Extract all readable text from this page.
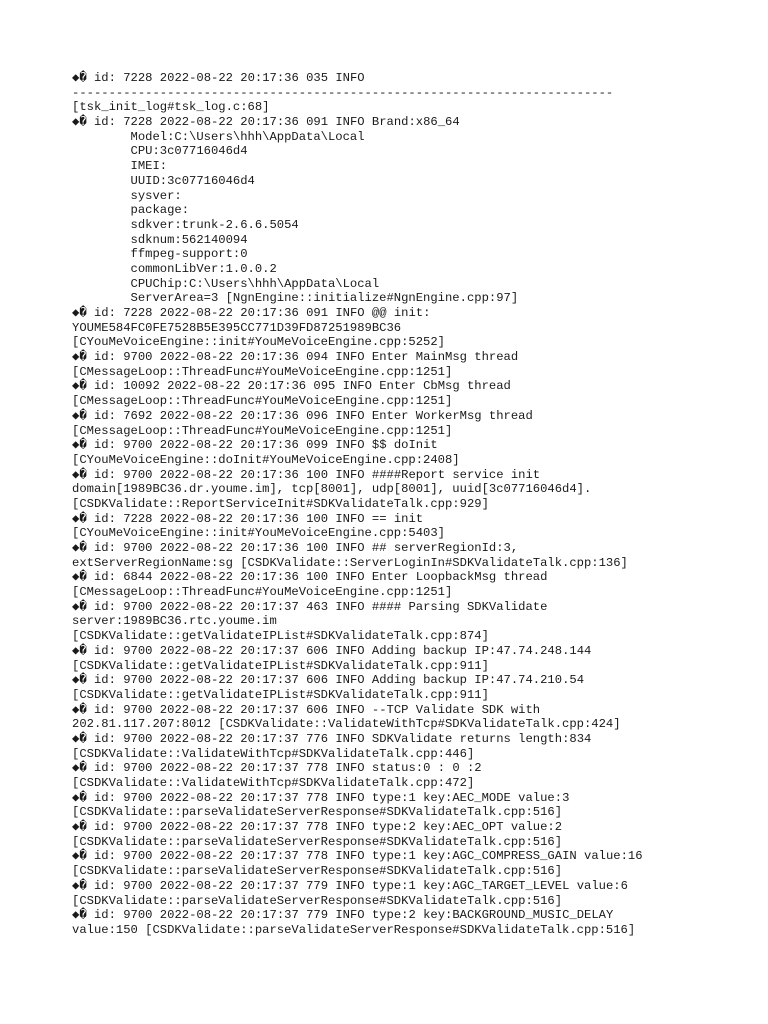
◆� id: 7228 2022-08-22 20:17:36 035 INFO
--------------------------------------------------------------------------
[tsk_init_log#tsk_log.c:68]
◆� id: 7228 2022-08-22 20:17:36 091 INFO Brand:x86_64
Model:C:\Users\hhh\AppData\Local
CPU:3c07716046d4
IMEI:
UUID:3c07716046d4
sysver:
package:
sdkver:trunk-2.6.6.5054
sdknum:562140094
ffmpeg-support:0
commonLibVer:1.0.0.2
CPUChip:C:\Users\hhh\AppData\Local
ServerArea=3 [NgnEngine::initialize#NgnEngine.cpp:97]
◆� id: 7228 2022-08-22 20:17:36 091 INFO @@ init:
YOUME584FC0FE7528B5E395CC771D39FD87251989BC36
[CYouMeVoiceEngine::init#YouMeVoiceEngine.cpp:5252]
◆� id: 9700 2022-08-22 20:17:36 094 INFO Enter MainMsg thread
[CMessageLoop::ThreadFunc#YouMeVoiceEngine.cpp:1251]
◆� id: 10092 2022-08-22 20:17:36 095 INFO Enter CbMsg thread
[CMessageLoop::ThreadFunc#YouMeVoiceEngine.cpp:1251]
◆� id: 7692 2022-08-22 20:17:36 096 INFO Enter WorkerMsg thread
[CMessageLoop::ThreadFunc#YouMeVoiceEngine.cpp:1251]
◆� id: 9700 2022-08-22 20:17:36 099 INFO $$ doInit
[CYouMeVoiceEngine::doInit#YouMeVoiceEngine.cpp:2408]
◆� id: 9700 2022-08-22 20:17:36 100 INFO ####Report service init
domain[1989BC36.dr.youme.im], tcp[8001], udp[8001], uuid[3c07716046d4].
[CSDKValidate::ReportServiceInit#SDKValidateTalk.cpp:929]
◆� id: 7228 2022-08-22 20:17:36 100 INFO == init
[CYouMeVoiceEngine::init#YouMeVoiceEngine.cpp:5403]
◆� id: 9700 2022-08-22 20:17:36 100 INFO ## serverRegionId:3,
extServerRegionName:sg [CSDKValidate::ServerLoginIn#SDKValidateTalk.cpp:136]
◆� id: 6844 2022-08-22 20:17:36 100 INFO Enter LoopbackMsg thread
[CMessageLoop::ThreadFunc#YouMeVoiceEngine.cpp:1251]
◆� id: 9700 2022-08-22 20:17:37 463 INFO #### Parsing SDKValidate
server:1989BC36.rtc.youme.im
[CSDKValidate::getValidateIPList#SDKValidateTalk.cpp:874]
◆� id: 9700 2022-08-22 20:17:37 606 INFO Adding backup IP:47.74.248.144
[CSDKValidate::getValidateIPList#SDKValidateTalk.cpp:911]
◆� id: 9700 2022-08-22 20:17:37 606 INFO Adding backup IP:47.74.210.54
[CSDKValidate::getValidateIPList#SDKValidateTalk.cpp:911]
◆� id: 9700 2022-08-22 20:17:37 606 INFO --TCP Validate SDK with
202.81.117.207:8012 [CSDKValidate::ValidateWithTcp#SDKValidateTalk.cpp:424]
◆� id: 9700 2022-08-22 20:17:37 776 INFO SDKValidate returns length:834
[CSDKValidate::ValidateWithTcp#SDKValidateTalk.cpp:446]
◆� id: 9700 2022-08-22 20:17:37 778 INFO status:0 : 0 :2
[CSDKValidate::ValidateWithTcp#SDKValidateTalk.cpp:472]
◆� id: 9700 2022-08-22 20:17:37 778 INFO type:1 key:AEC_MODE value:3
[CSDKValidate::parseValidateServerResponse#SDKValidateTalk.cpp:516]
◆� id: 9700 2022-08-22 20:17:37 778 INFO type:2 key:AEC_OPT value:2
[CSDKValidate::parseValidateServerResponse#SDKValidateTalk.cpp:516]
◆� id: 9700 2022-08-22 20:17:37 778 INFO type:1 key:AGC_COMPRESS_GAIN value:16
[CSDKValidate::parseValidateServerResponse#SDKValidateTalk.cpp:516]
◆� id: 9700 2022-08-22 20:17:37 779 INFO type:1 key:AGC_TARGET_LEVEL value:6
[CSDKValidate::parseValidateServerResponse#SDKValidateTalk.cpp:516]
◆� id: 9700 2022-08-22 20:17:37 779 INFO type:2 key:BACKGROUND_MUSIC_DELAY
value:150 [CSDKValidate::parseValidateServerResponse#SDKValidateTalk.cpp:516]
